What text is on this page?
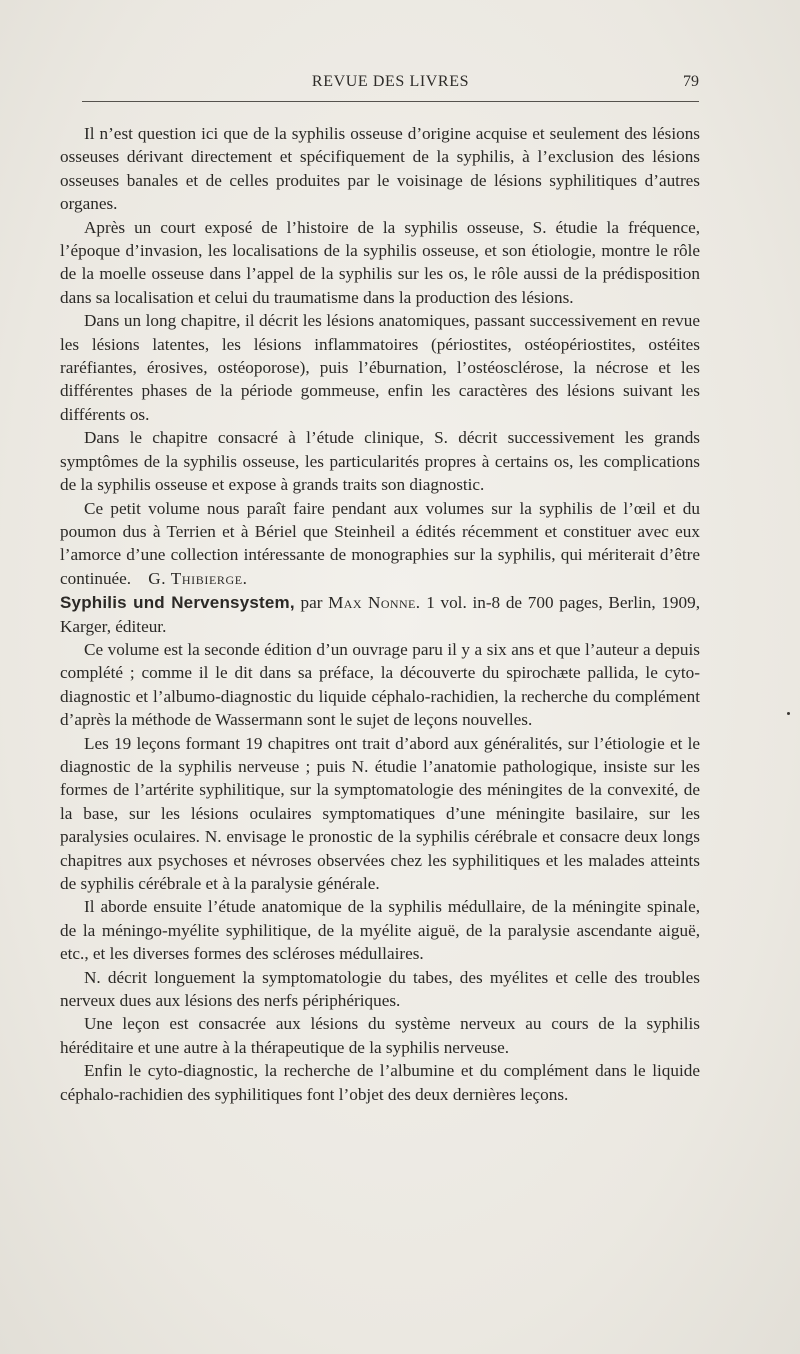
REVUE DES LIVRES	79

Il n’est question ici que de la syphilis osseuse d’origine acquise et seulement des lésions osseuses dérivant directement et spécifiquement de la syphilis, à l’exclusion des lésions osseuses banales et de celles produites par le voisinage de lésions syphilitiques d’autres organes.

Après un court exposé de l’histoire de la syphilis osseuse, S. étudie la fréquence, l’époque d’invasion, les localisations de la syphilis osseuse, et son étiologie, montre le rôle de la moelle osseuse dans l’appel de la syphilis sur les os, le rôle aussi de la prédisposition dans sa localisation et celui du traumatisme dans la production des lésions.

Dans un long chapitre, il décrit les lésions anatomiques, passant successivement en revue les lésions latentes, les lésions inflammatoires (périostites, ostéopériostites, ostéites raréfiantes, érosives, ostéoporose), puis l’éburnation, l’ostéosclérose, la nécrose et les différentes phases de la période gommeuse, enfin les caractères des lésions suivant les différents os.

Dans le chapitre consacré à l’étude clinique, S. décrit successivement les grands symptômes de la syphilis osseuse, les particularités propres à certains os, les complications de la syphilis osseuse et expose à grands traits son diagnostic.

Ce petit volume nous paraît faire pendant aux volumes sur la syphilis de l’œil et du poumon dus à Terrien et à Bériel que Steinheil a édités récemment et constituer avec eux l’amorce d’une collection intéressante de monographies sur la syphilis, qui mériterait d’être continuée. G. Thibierge.

Syphilis und Nervensystem, par Max Nonne. 1 vol. in-8 de 700 pages, Berlin, 1909, Karger, éditeur.

Ce volume est la seconde édition d’un ouvrage paru il y a six ans et que l’auteur a depuis complété ; comme il le dit dans sa préface, la découverte du spirochæte pallida, le cyto-diagnostic et l’albumo-diagnostic du liquide céphalo-rachidien, la recherche du complément d’après la méthode de Wassermann sont le sujet de leçons nouvelles.

Les 19 leçons formant 19 chapitres ont trait d’abord aux généralités, sur l’étiologie et le diagnostic de la syphilis nerveuse ; puis N. étudie l’anatomie pathologique, insiste sur les formes de l’artérite syphilitique, sur la symptomatologie des méningites de la convexité, de la base, sur les lésions oculaires symptomatiques d’une méningite basilaire, sur les paralysies oculaires. N. envisage le pronostic de la syphilis cérébrale et consacre deux longs chapitres aux psychoses et névroses observées chez les syphilitiques et les malades atteints de syphilis cérébrale et à la paralysie générale.

Il aborde ensuite l’étude anatomique de la syphilis médullaire, de la méningite spinale, de la méningo-myélite syphilitique, de la myélite aiguë, de la paralysie ascendante aiguë, etc., et les diverses formes des scléroses médullaires.

N. décrit longuement la symptomatologie du tabes, des myélites et celle des troubles nerveux dues aux lésions des nerfs périphériques.

Une leçon est consacrée aux lésions du système nerveux au cours de la syphilis héréditaire et une autre à la thérapeutique de la syphilis nerveuse.

Enfin le cyto-diagnostic, la recherche de l’albumine et du complément dans le liquide céphalo-rachidien des syphilitiques font l’objet des deux dernières leçons.
